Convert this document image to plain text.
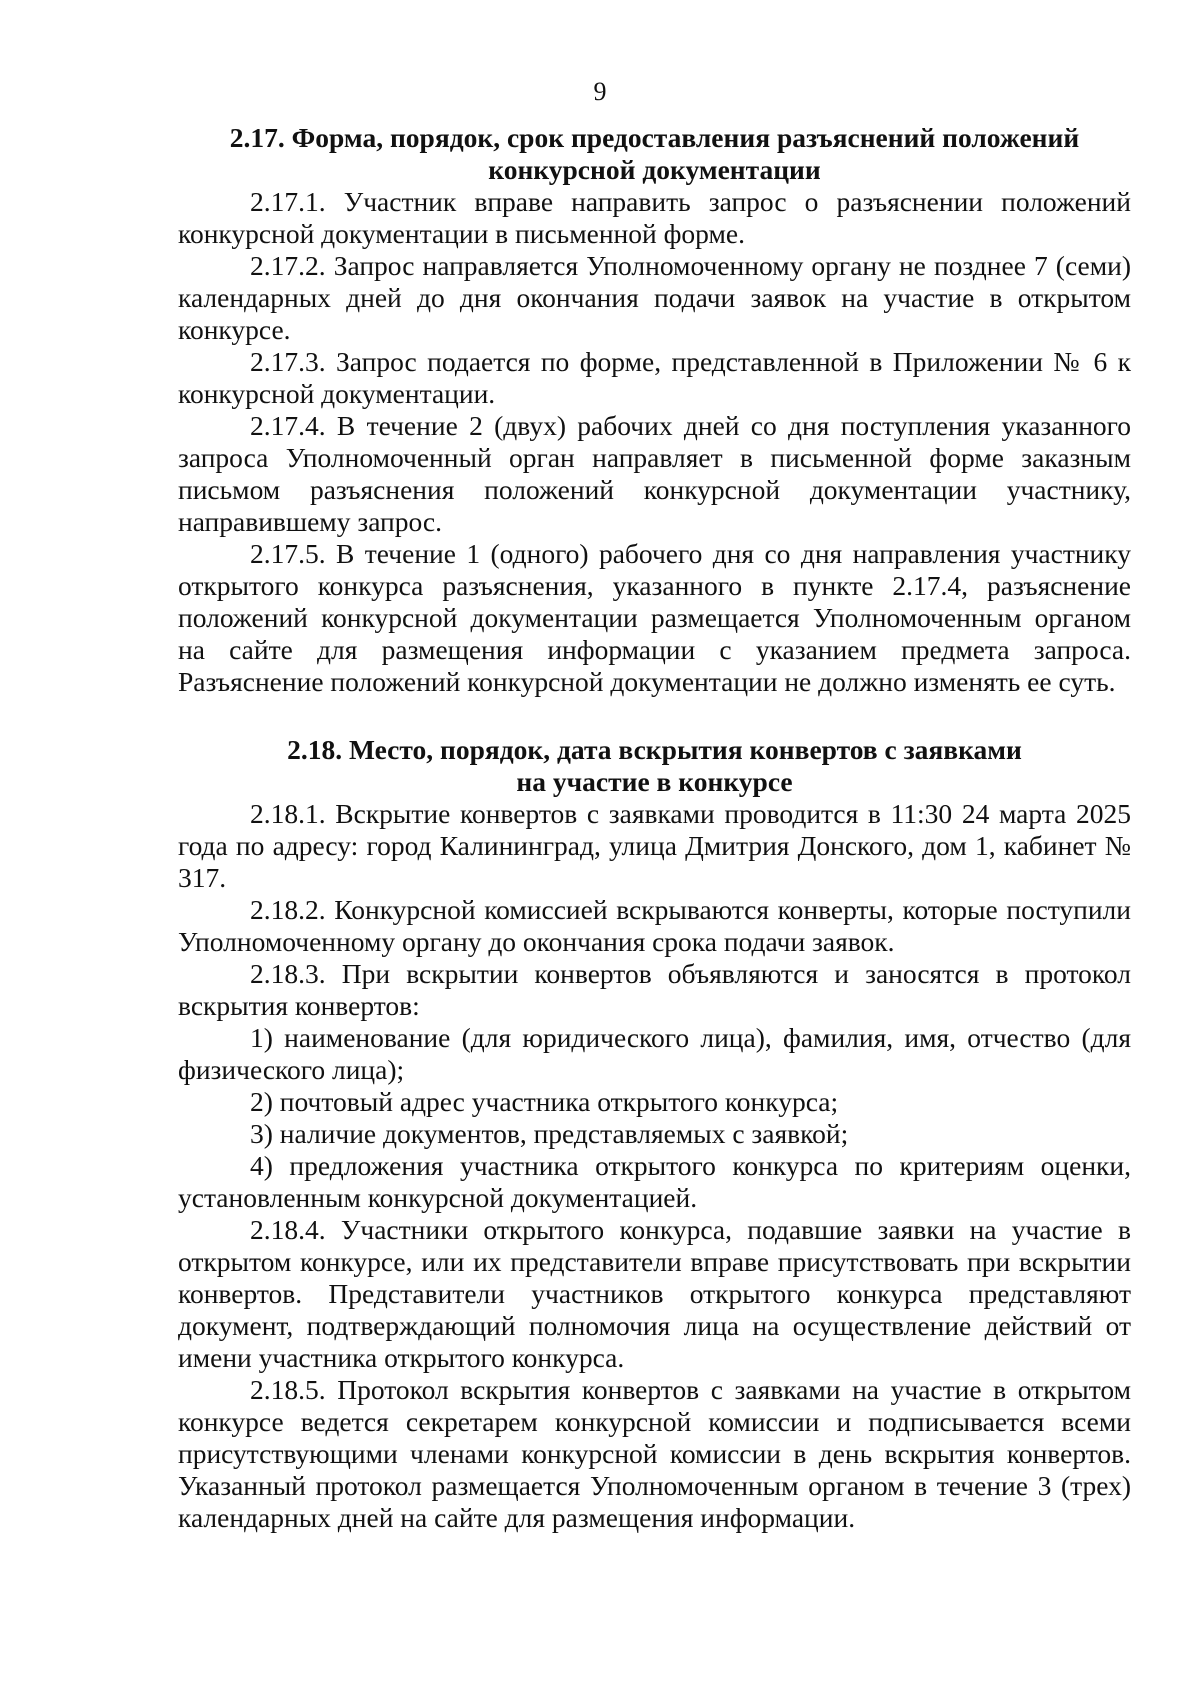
9
2.17. Форма, порядок, срок предоставления разъяснений положений
конкурсной документации

2.17.1. Участник вправе направить запрос о разъяснении положений конкурсной документации в письменной форме.

2.17.2. Запрос направляется Уполномоченному органу не позднее 7 (семи) календарных дней до дня окончания подачи заявок на участие в открытом конкурсе.

2.17.3. Запрос подается по форме, представленной в Приложении № 6 к конкурсной документации.

2.17.4. В течение 2 (двух) рабочих дней со дня поступления указанного запроса Уполномоченный орган направляет в письменной форме заказным письмом разъяснения положений конкурсной документации участнику, направившему запрос.

2.17.5. В течение 1 (одного) рабочего дня со дня направления участнику открытого конкурса разъяснения, указанного в пункте 2.17.4, разъяснение положений конкурсной документации размещается Уполномоченным органом на сайте для размещения информации с указанием предмета запроса. Разъяснение положений конкурсной документации не должно изменять ее суть.

2.18. Место, порядок, дата вскрытия конвертов с заявками
на участие в конкурсе

2.18.1. Вскрытие конвертов с заявками проводится в 11:30 24 марта 2025 года по адресу: город Калининград, улица Дмитрия Донского, дом 1, кабинет № 317.

2.18.2. Конкурсной комиссией вскрываются конверты, которые поступили Уполномоченному органу до окончания срока подачи заявок.

2.18.3. При вскрытии конвертов объявляются и заносятся в протокол вскрытия конвертов:

1) наименование (для юридического лица), фамилия, имя, отчество (для физического лица);

2) почтовый адрес участника открытого конкурса;

3) наличие документов, представляемых с заявкой;

4) предложения участника открытого конкурса по критериям оценки, установленным конкурсной документацией.

2.18.4. Участники открытого конкурса, подавшие заявки на участие в открытом конкурсе, или их представители вправе присутствовать при вскрытии конвертов. Представители участников открытого конкурса представляют документ, подтверждающий полномочия лица на осуществление действий от имени участника открытого конкурса.

2.18.5. Протокол вскрытия конвертов с заявками на участие в открытом конкурсе ведется секретарем конкурсной комиссии и подписывается всеми присутствующими членами конкурсной комиссии в день вскрытия конвертов. Указанный протокол размещается Уполномоченным органом в течение 3 (трех) календарных дней на сайте для размещения информации.
